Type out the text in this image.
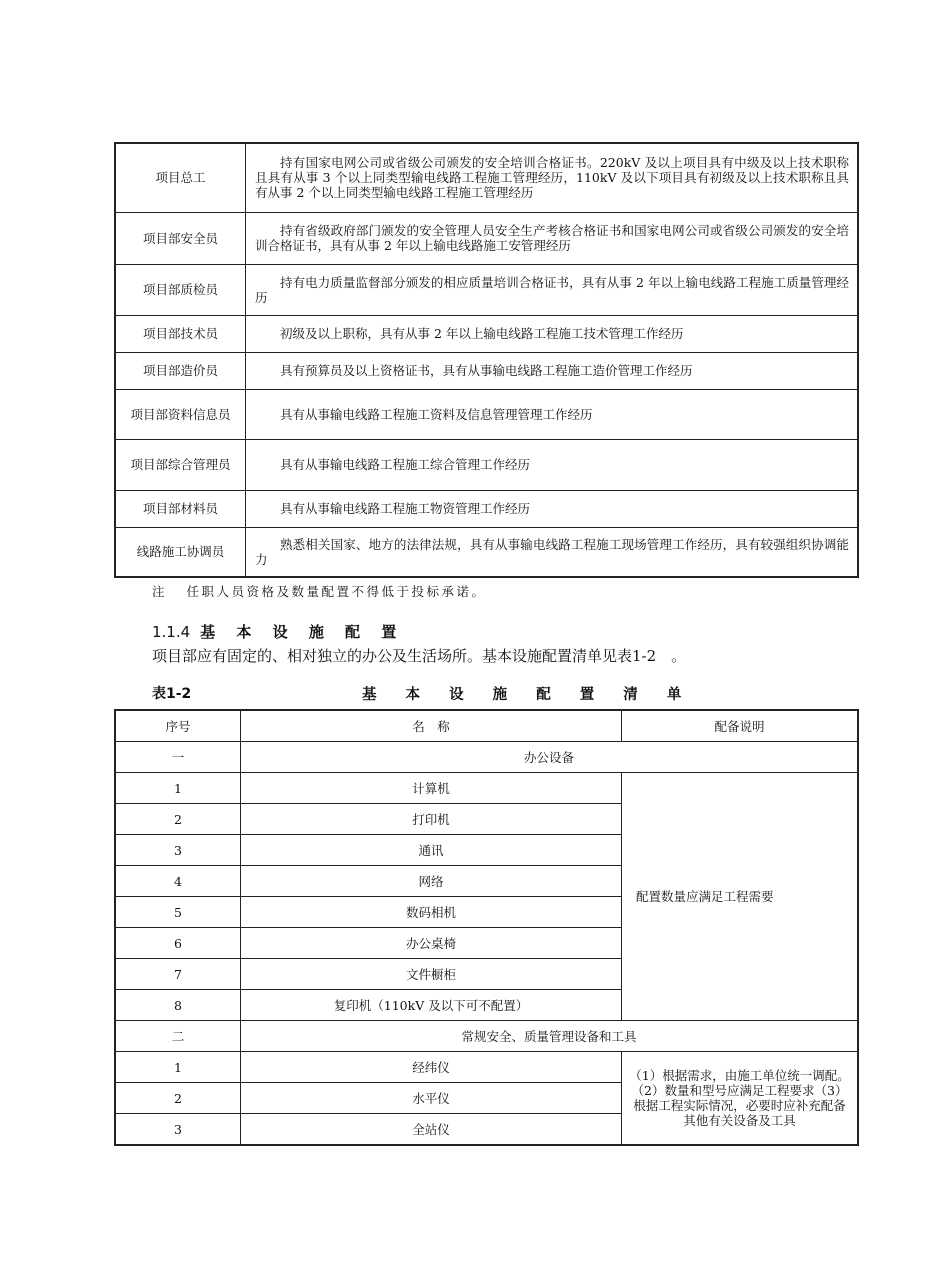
项目总工	持有国家电网公司或省级公司颁发的安全培训合格证书。220kV 及以上项目具有中级及以上技术职称且具有从事 3 个以上同类型输电线路工程施工管理经历，110kV 及以下项目具有初级及以上技术职称且具有从事 2 个以上同类型输电线路工程施工管理经历
项目部安全员	持有省级政府部门颁发的安全管理人员安全生产考核合格证书和国家电网公司或省级公司颁发的安全培训合格证书，具有从事 2 年以上输电线路施工安管理经历
项目部质检员	持有电力质量监督部分颁发的相应质量培训合格证书，具有从事 2 年以上输电线路工程施工质量管理经历
项目部技术员	初级及以上职称，具有从事 2 年以上输电线路工程施工技术管理工作经历
项目部造价员	具有预算员及以上资格证书，具有从事输电线路工程施工造价管理工作经历
项目部资料信息员	具有从事输电线路工程施工资料及信息管理管理工作经历
项目部综合管理员	具有从事输电线路工程施工综合管理工作经历
项目部材料员	具有从事输电线路工程施工物资管理工作经历
线路施工协调员	熟悉相关国家、地方的法律法规，具有从事输电线路工程施工现场管理工作经历，具有较强组织协调能力
注 任职人员资格及数量配置不得低于投标承诺。
1.1.4 基 本 设 施 配 置
项目部应有固定的、相对独立的办公及生活场所。基本设施配置清单见表1-2　。
表1-2	基 本 设 施 配 置 清 单
序号	名　称	配备说明
一	办公设备	
1	计算机	配置数量应满足工程需要
2	打印机	
3	通讯	
4	网络	
5	数码相机	
6	办公桌椅	
7	文件橱柜	
8	复印机（110kV 及以下可不配置）	
二	常规安全、质量管理设备和工具	
1	经纬仪	（1）根据需求，由施工单位统一调配。（2）数量和型号应满足工程要求（3）根据工程实际情况，必要时应补充配备其他有关设备及工具
2	水平仪	
3	全站仪	
